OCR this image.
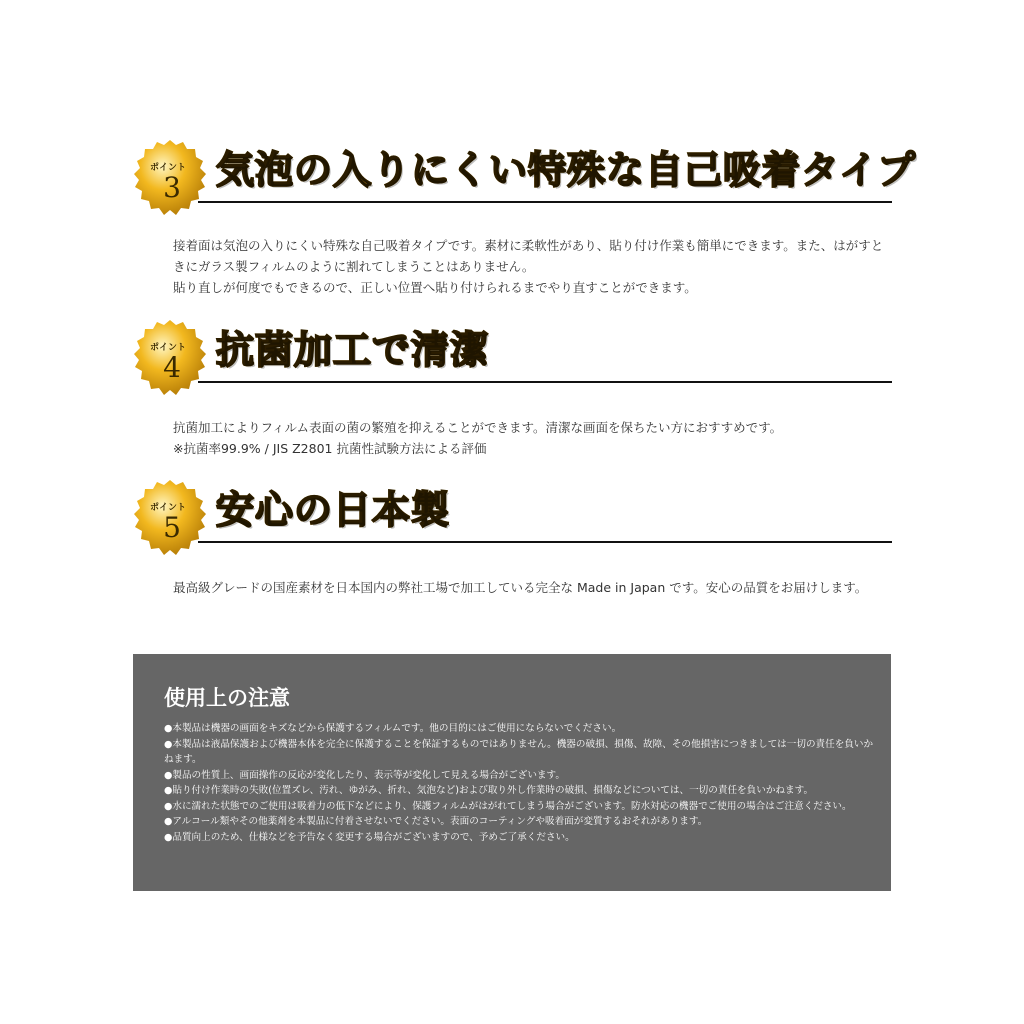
ポイント
3 気泡の入りにくい特殊な自己吸着タイプ

接着面は気泡の入りにくい特殊な自己吸着タイプです。素材に柔軟性があり、貼り付け作業も簡単にできます。また、はがすときにガラス製フィルムのように割れてしまうことはありません。

貼り直しが何度でもできるので、正しい位置へ貼り付けられるまでやり直すことができます。

ポイント
4 抗菌加工で清潔

抗菌加工によりフィルム表面の菌の繁殖を抑えることができます。清潔な画面を保ちたい方におすすめです。

※抗菌率99.9% / JIS Z2801 抗菌性試験方法による評価

ポイント
5 安心の日本製

最高級グレードの国産素材を日本国内の弊社工場で加工している完全な Made in Japan です。安心の品質をお届けします。

使用上の注意
●本製品は機器の画面をキズなどから保護するフィルムです。他の目的にはご使用にならないでください。
●本製品は液晶保護および機器本体を完全に保護することを保証するものではありません。機器の破損、損傷、故障、その他損害につきましては一切の責任を負いかねます。
●製品の性質上、画面操作の反応が変化したり、表示等が変化して見える場合がございます。
●貼り付け作業時の失敗(位置ズレ、汚れ、ゆがみ、折れ、気泡など)および取り外し作業時の破損、損傷などについては、一切の責任を負いかねます。
●水に濡れた状態でのご使用は吸着力の低下などにより、保護フィルムがはがれてしまう場合がございます。防水対応の機器でご使用の場合はご注意ください。
●アルコール類やその他薬剤を本製品に付着させないでください。表面のコーティングや吸着面が変質するおそれがあります。
●品質向上のため、仕様などを予告なく変更する場合がございますので、予めご了承ください。
